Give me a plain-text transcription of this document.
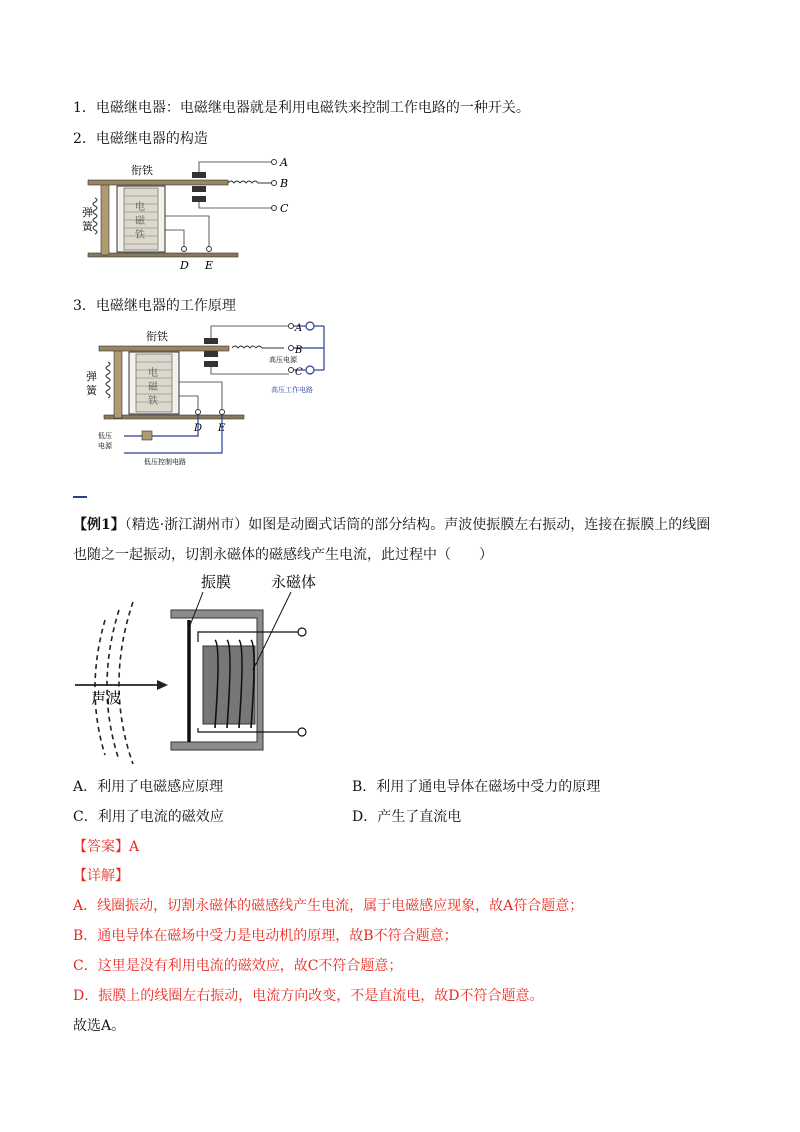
1．电磁继电器：电磁继电器就是利用电磁铁来控制工作电路的一种开关。
2．电磁继电器的构造
衔铁
弹
簧
电
磁
铁
A
B
C
D E
3．电磁继电器的工作原理
高压电源
高压工作电路
低压
电源
低压控制电路
衔铁
弹
簧
电
磁
铁
A
B
C
D E
【例1】（精选·浙江湖州市）如图是动圈式话筒的部分结构。声波使振膜左右振动，连接在振膜上的线圈
也随之一起振动，切割永磁体的磁感线产生电流，此过程中（　　）
振膜	永磁体
声波
A．利用了电磁感应原理	B．利用了通电导体在磁场中受力的原理
C．利用了电流的磁效应	D．产生了直流电
【答案】A
【详解】
A．线圈振动，切割永磁体的磁感线产生电流，属于电磁感应现象，故A符合题意；
B．通电导体在磁场中受力是电动机的原理，故B不符合题意；
C．这里是没有利用电流的磁效应，故C不符合题意；
D．振膜上的线圈左右振动，电流方向改变，不是直流电，故D不符合题意。
故选A。
